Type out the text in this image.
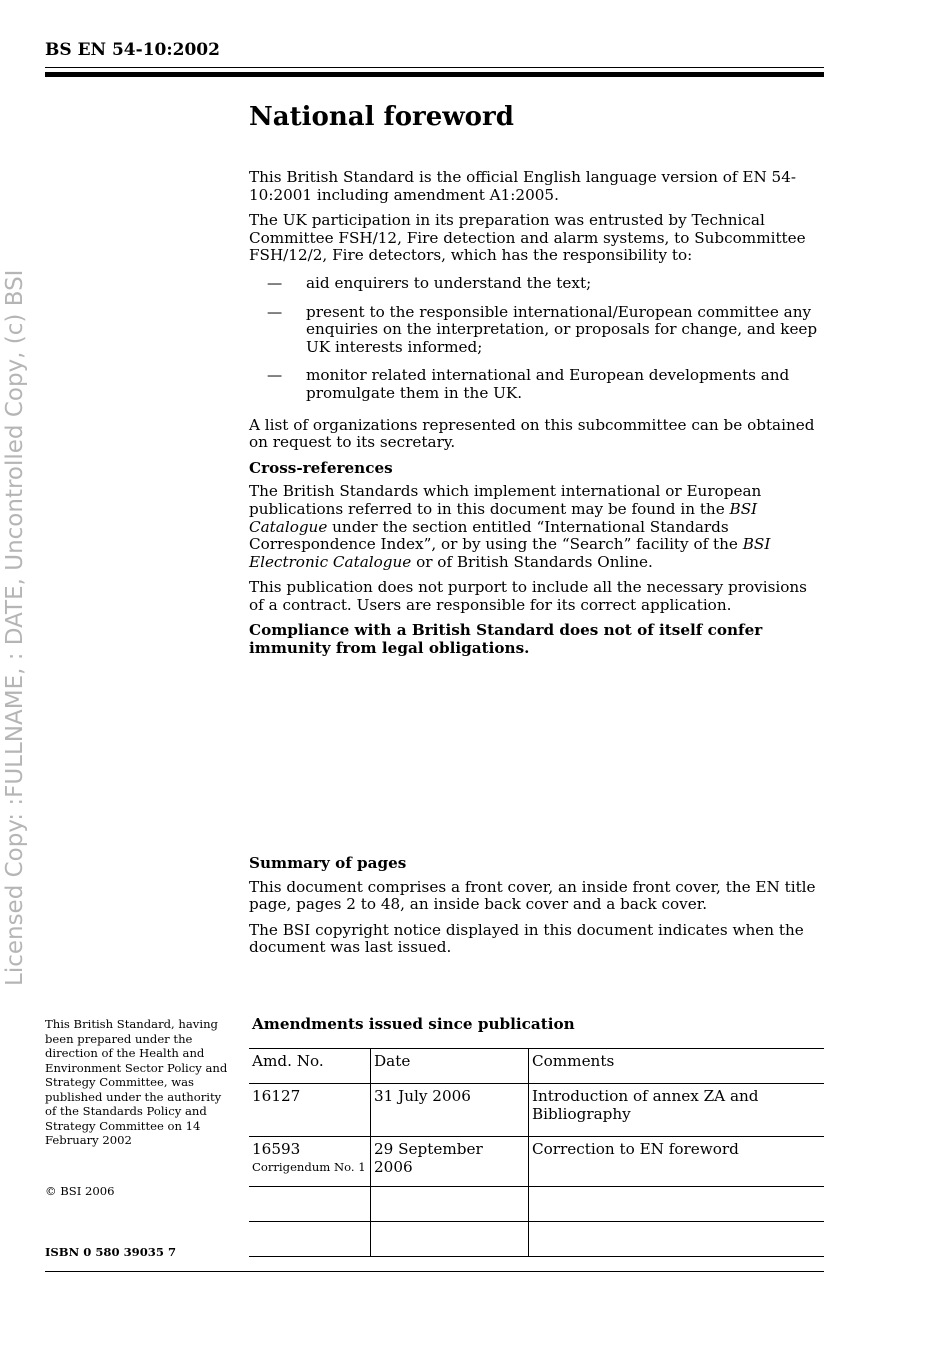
BS EN 54-10:2002
Licensed Copy: :FULLNAME, : DATE, Uncontrolled Copy, (c) BSI
National foreword

This British Standard is the official English language version of EN 54-10:2001 including amendment A1:2005.

The UK participation in its preparation was entrusted by Technical Committee FSH/12, Fire detection and alarm systems, to Subcommittee FSH/12/2, Fire detectors, which has the responsibility to:

— aid enquirers to understand the text;
— present to the responsible international/European committee any enquiries on the interpretation, or proposals for change, and keep UK interests informed;
— monitor related international and European developments and promulgate them in the UK.

A list of organizations represented on this subcommittee can be obtained on request to its secretary.

Cross-references

The British Standards which implement international or European publications referred to in this document may be found in the BSI Catalogue under the section entitled “International Standards Correspondence Index”, or by using the “Search” facility of the BSI Electronic Catalogue or of British Standards Online.

This publication does not purport to include all the necessary provisions of a contract. Users are responsible for its correct application.

Compliance with a British Standard does not of itself confer immunity from legal obligations.

Summary of pages

This document comprises a front cover, an inside front cover, the EN title page, pages 2 to 48, an inside back cover and a back cover.

The BSI copyright notice displayed in this document indicates when the document was last issued.

This British Standard, having been prepared under the direction of the Health and Environment Sector Policy and Strategy Committee, was published under the authority of the Standards Policy and Strategy Committee on 14 February 2002
© BSI 2006
ISBN 0 580 39035 7
Amendments issued since publication
Amd. No.	Date	Comments
16127	31 July 2006	Introduction of annex ZA and Bibliography

16593
Corrigendum No. 1	29 September 2006	Correction to EN foreword
